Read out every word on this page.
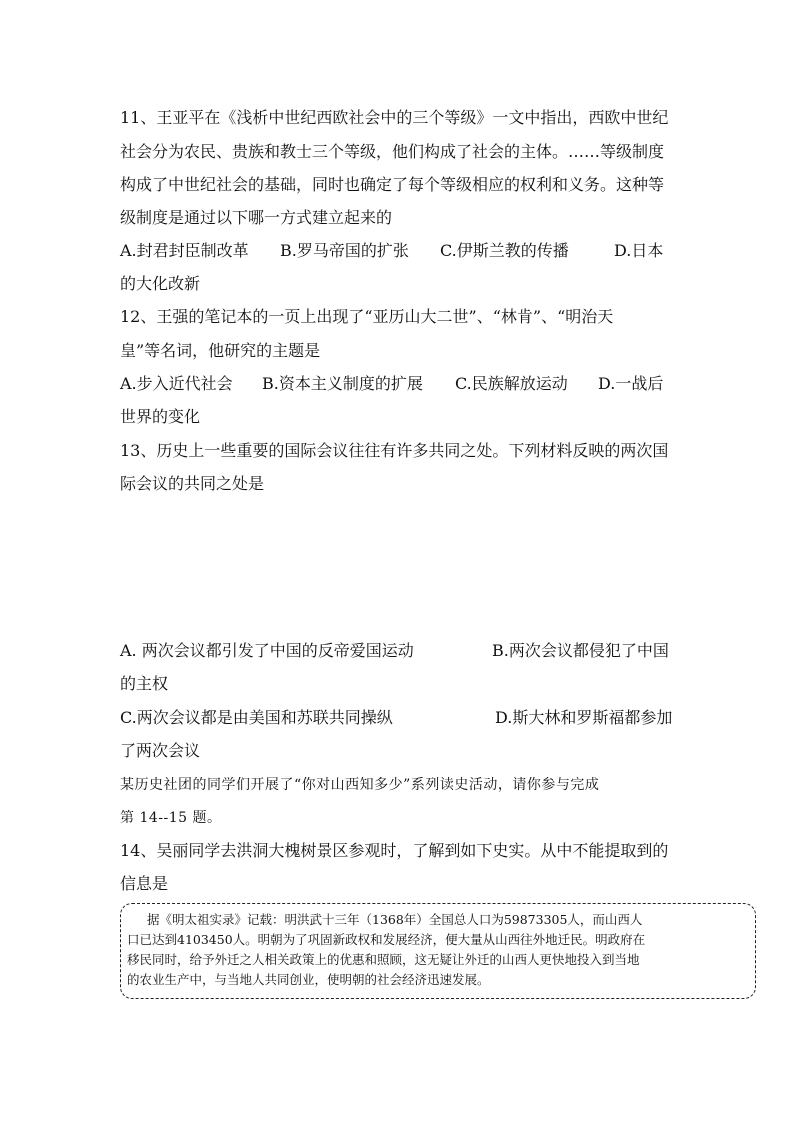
11、王亚平在《浅析中世纪西欧社会中的三个等级》一文中指出，西欧中世纪
社会分为农民、贵族和教士三个等级，他们构成了社会的主体。……等级制度
构成了中世纪社会的基础，同时也确定了每个等级相应的权利和义务。这种等
级制度是通过以下哪一方式建立起来的
A.封君封臣制改革 B.罗马帝国的扩张 C.伊斯兰教的传播	D.日本
的大化改新
12、王强的笔记本的一页上出现了“亚历山大二世”、“林肯”、“明治天
皇”等名词，他研究的主题是
A.步入近代社会 B.资本主义制度的扩展 C.民族解放运动 D.一战后
世界的变化
13、历史上一些重要的国际会议往往有许多共同之处。下列材料反映的两次国
际会议的共同之处是
A. 两次会议都引发了中国的反帝爱国运动	B.两次会议都侵犯了中国
的主权
C.两次会议都是由美国和苏联共同操纵	D.斯大林和罗斯福都参加
了两次会议
某历史社团的同学们开展了“你对山西知多少”系列读史活动，请你参与完成
第 14--15 题。
14、吴丽同学去洪洞大槐树景区参观时，了解到如下史实。从中不能提取到的
信息是
据《明太祖实录》记载：明洪武十三年（1368年）全国总人口为59873305人，而山西人
口已达到4103450人。明朝为了巩固新政权和发展经济，便大量从山西往外地迁民。明政府在
移民同时，给予外迁之人相关政策上的优惠和照顾，这无疑让外迁的山西人更快地投入到当地
的农业生产中，与当地人共同创业，使明朝的社会经济迅速发展。
